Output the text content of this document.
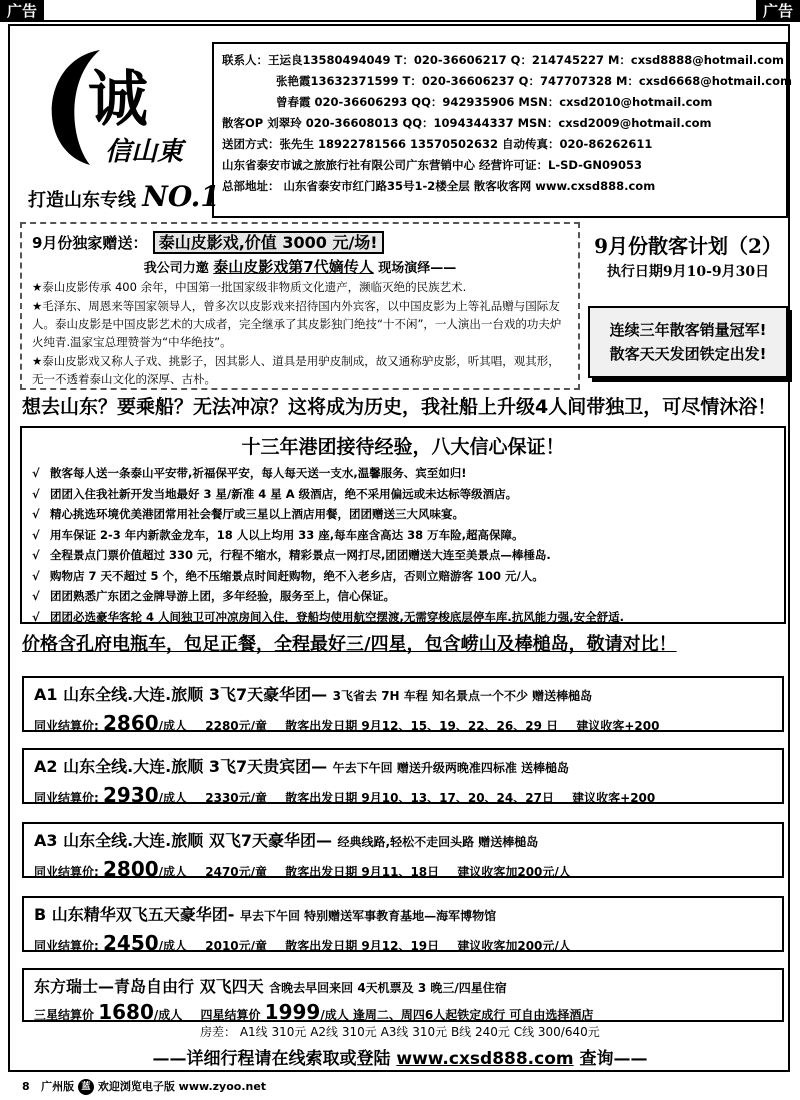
广告	广告
诚
信山東
打造山东专线 NO.1
联系人：王运良13580494049 T：020-36606217 Q：214745227 M：cxsd8888@hotmail.com
张艳霞13632371599 T：020-36606237 Q：747707328 M：cxsd6668@hotmail.com
曾春霞 020-36606293 QQ：942935906 MSN：cxsd2010@hotmail.com
散客OP 刘翠玲 020-36608013 QQ：1094344337 MSN：cxsd2009@hotmail.com
送团方式：张先生 18922781566 13570502632 自动传真：020-86262611
山东省泰安市诚之旅旅行社有限公司广东营销中心 经营许可证：L-SD-GN09053
总部地址： 山东省泰安市红门路35号1-2楼全层 散客收客网 www.cxsd888.com
9月份独家赠送： 泰山皮影戏,价值 3000 元/场!
我公司力邀 泰山皮影戏第7代嫡传人 现场演绎——
★泰山皮影传承 400 余年，中国第一批国家级非物质文化遗产，濒临灭绝的民族艺术.
★毛泽东、周恩来等国家领导人，曾多次以皮影戏来招待国内外宾客，以中国皮影为上等礼品赠与国际友人。泰山皮影是中国皮影艺术的大成者，完全继承了其皮影独门绝技“十不闲”，一人演出一台戏的功夫炉火纯青.温家宝总理赞誉为“中华绝技”。
★泰山皮影戏又称人子戏、挑影子，因其影人、道具是用驴皮制成，故又通称驴皮影，听其唱，观其形，无一不透着泰山文化的深厚、古朴。
9月份散客计划（2）
执行日期9月10-9月30日
连续三年散客销量冠军!
散客天天发团铁定出发!
想去山东？要乘船？无法冲凉？这将成为历史，我社船上升级4人间带独卫，可尽情沐浴！
十三年港团接待经验，八大信心保证！
√ 散客每人送一条泰山平安带,祈福保平安，每人每天送一支水,温馨服务、宾至如归!
√ 团团入住我社新开发当地最好 3 星/新准 4 星 A 级酒店，绝不采用偏远或未达标等级酒店。
√ 精心挑选环境优美港团常用社会餐厅或三星以上酒店用餐，团团赠送三大风味宴。
√ 用车保证 2-3 年内新款金龙车，18 人以上均用 33 座,每车座含高达 38 万车险,超高保障。
√ 全程景点门票价值超过 330 元，行程不缩水，精彩景点一网打尽,团团赠送大连至美景点—棒棰岛.
√ 购物店 7 天不超过 5 个，绝不压缩景点时间赶购物，绝不入老乡店，否则立赔游客 100 元/人。
√ 团团熟悉广东团之金牌导游上团，多年经验，服务至上，信心保证。
√ 团团必选豪华客轮 4 人间独卫可冲凉房间入住，登船均使用航空摆渡,无需穿梭底层停车库.抗风能力强,安全舒适.
价格含孔府电瓶车，包足正餐，全程最好三/四星，包含崂山及棒槌岛，敬请对比！
A1 山东全线.大连.旅顺 3飞7天豪华团— 3飞省去 7H 车程 知名景点一个不少 赠送棒槌岛
同业结算价: 2860/成人 2280元/童 散客出发日期 9月12、15、19、22、26、29 日 建议收客+200
A2 山东全线.大连.旅顺 3飞7天贵宾团— 午去下午回 赠送升级两晚准四标准 送棒槌岛
同业结算价: 2930/成人 2330元/童 散客出发日期 9月10、13、17、20、24、27日 建议收客+200
A3 山东全线.大连.旅顺 双飞7天豪华团— 经典线路,轻松不走回头路 赠送棒槌岛
同业结算价: 2800/成人 2470元/童 散客出发日期 9月11、18日 建议收客加200元/人
B 山东精华双飞五天豪华团- 早去下午回 特别赠送军事教育基地—海军博物馆
同业结算价: 2450/成人 2010元/童 散客出发日期 9月12、19日 建议收客加200元/人
东方瑞士—青岛自由行 双飞四天 含晚去早回来回 4天机票及 3 晚三/四星住宿
三星结算价 1680/成人 四星结算价 1999/成人 逢周二、周四6人起铁定成行 可自由选择酒店
房差： A1线 310元 A2线 310元 A3线 310元 B线 240元 C线 300/640元
——详细行程请在线索取或登陆 www.cxsd888.com 查询——
8 广州版 蓝 欢迎浏览电子版 www.zyoo.net
